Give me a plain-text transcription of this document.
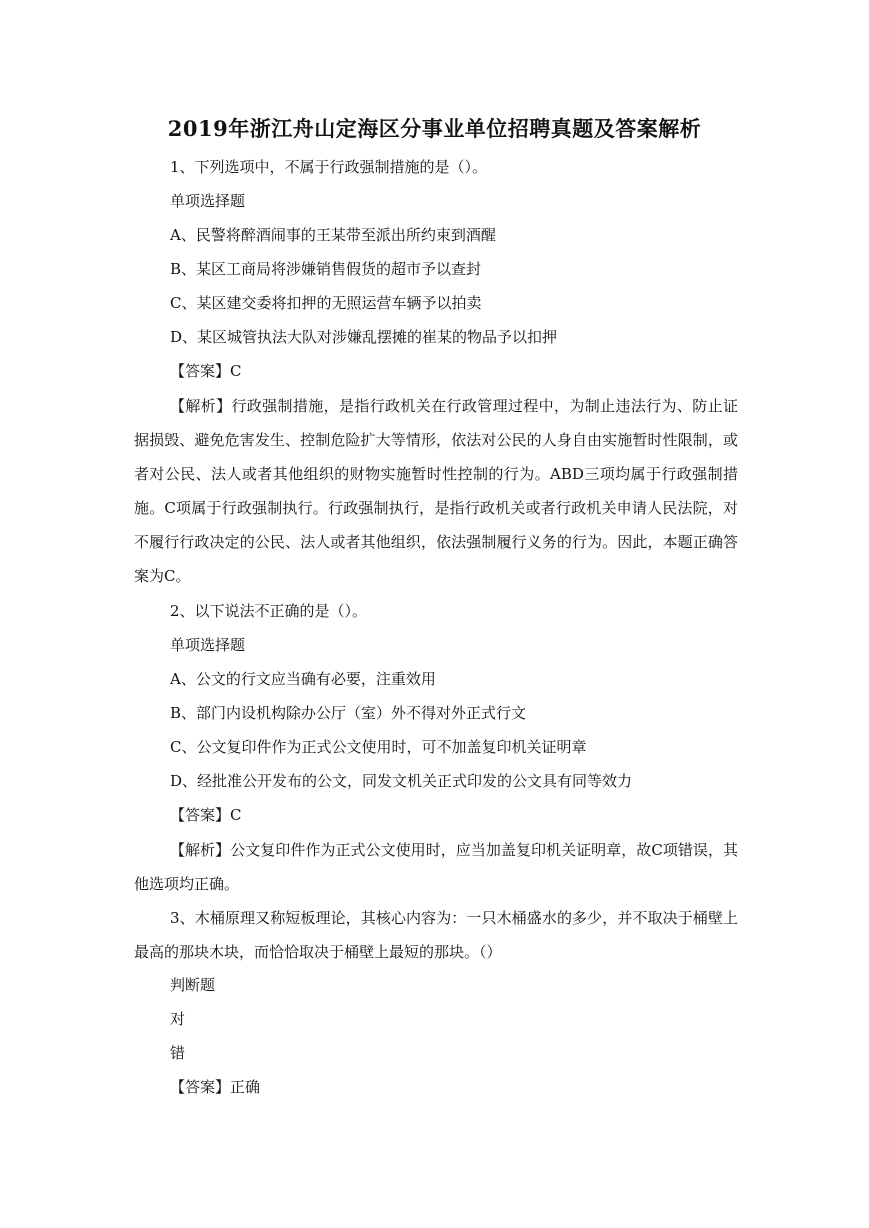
2019年浙江舟山定海区分事业单位招聘真题及答案解析
1、下列选项中，不属于行政强制措施的是（）。
单项选择题
A、民警将醉酒闹事的王某带至派出所约束到酒醒
B、某区工商局将涉嫌销售假货的超市予以查封
C、某区建交委将扣押的无照运营车辆予以拍卖
D、某区城管执法大队对涉嫌乱摆摊的崔某的物品予以扣押
【答案】C
【解析】行政强制措施，是指行政机关在行政管理过程中，为制止违法行为、防止证据损毁、避免危害发生、控制危险扩大等情形，依法对公民的人身自由实施暂时性限制，或者对公民、法人或者其他组织的财物实施暂时性控制的行为。ABD三项均属于行政强制措施。C项属于行政强制执行。行政强制执行，是指行政机关或者行政机关申请人民法院，对不履行行政决定的公民、法人或者其他组织，依法强制履行义务的行为。因此，本题正确答案为C。
2、以下说法不正确的是（）。
单项选择题
A、公文的行文应当确有必要，注重效用
B、部门内设机构除办公厅（室）外不得对外正式行文
C、公文复印件作为正式公文使用时，可不加盖复印机关证明章
D、经批准公开发布的公文，同发文机关正式印发的公文具有同等效力
【答案】C
【解析】公文复印件作为正式公文使用时，应当加盖复印机关证明章，故C项错误，其他选项均正确。
3、木桶原理又称短板理论，其核心内容为：一只木桶盛水的多少，并不取决于桶壁上最高的那块木块，而恰恰取决于桶壁上最短的那块。（）
判断题
对
错
【答案】正确
